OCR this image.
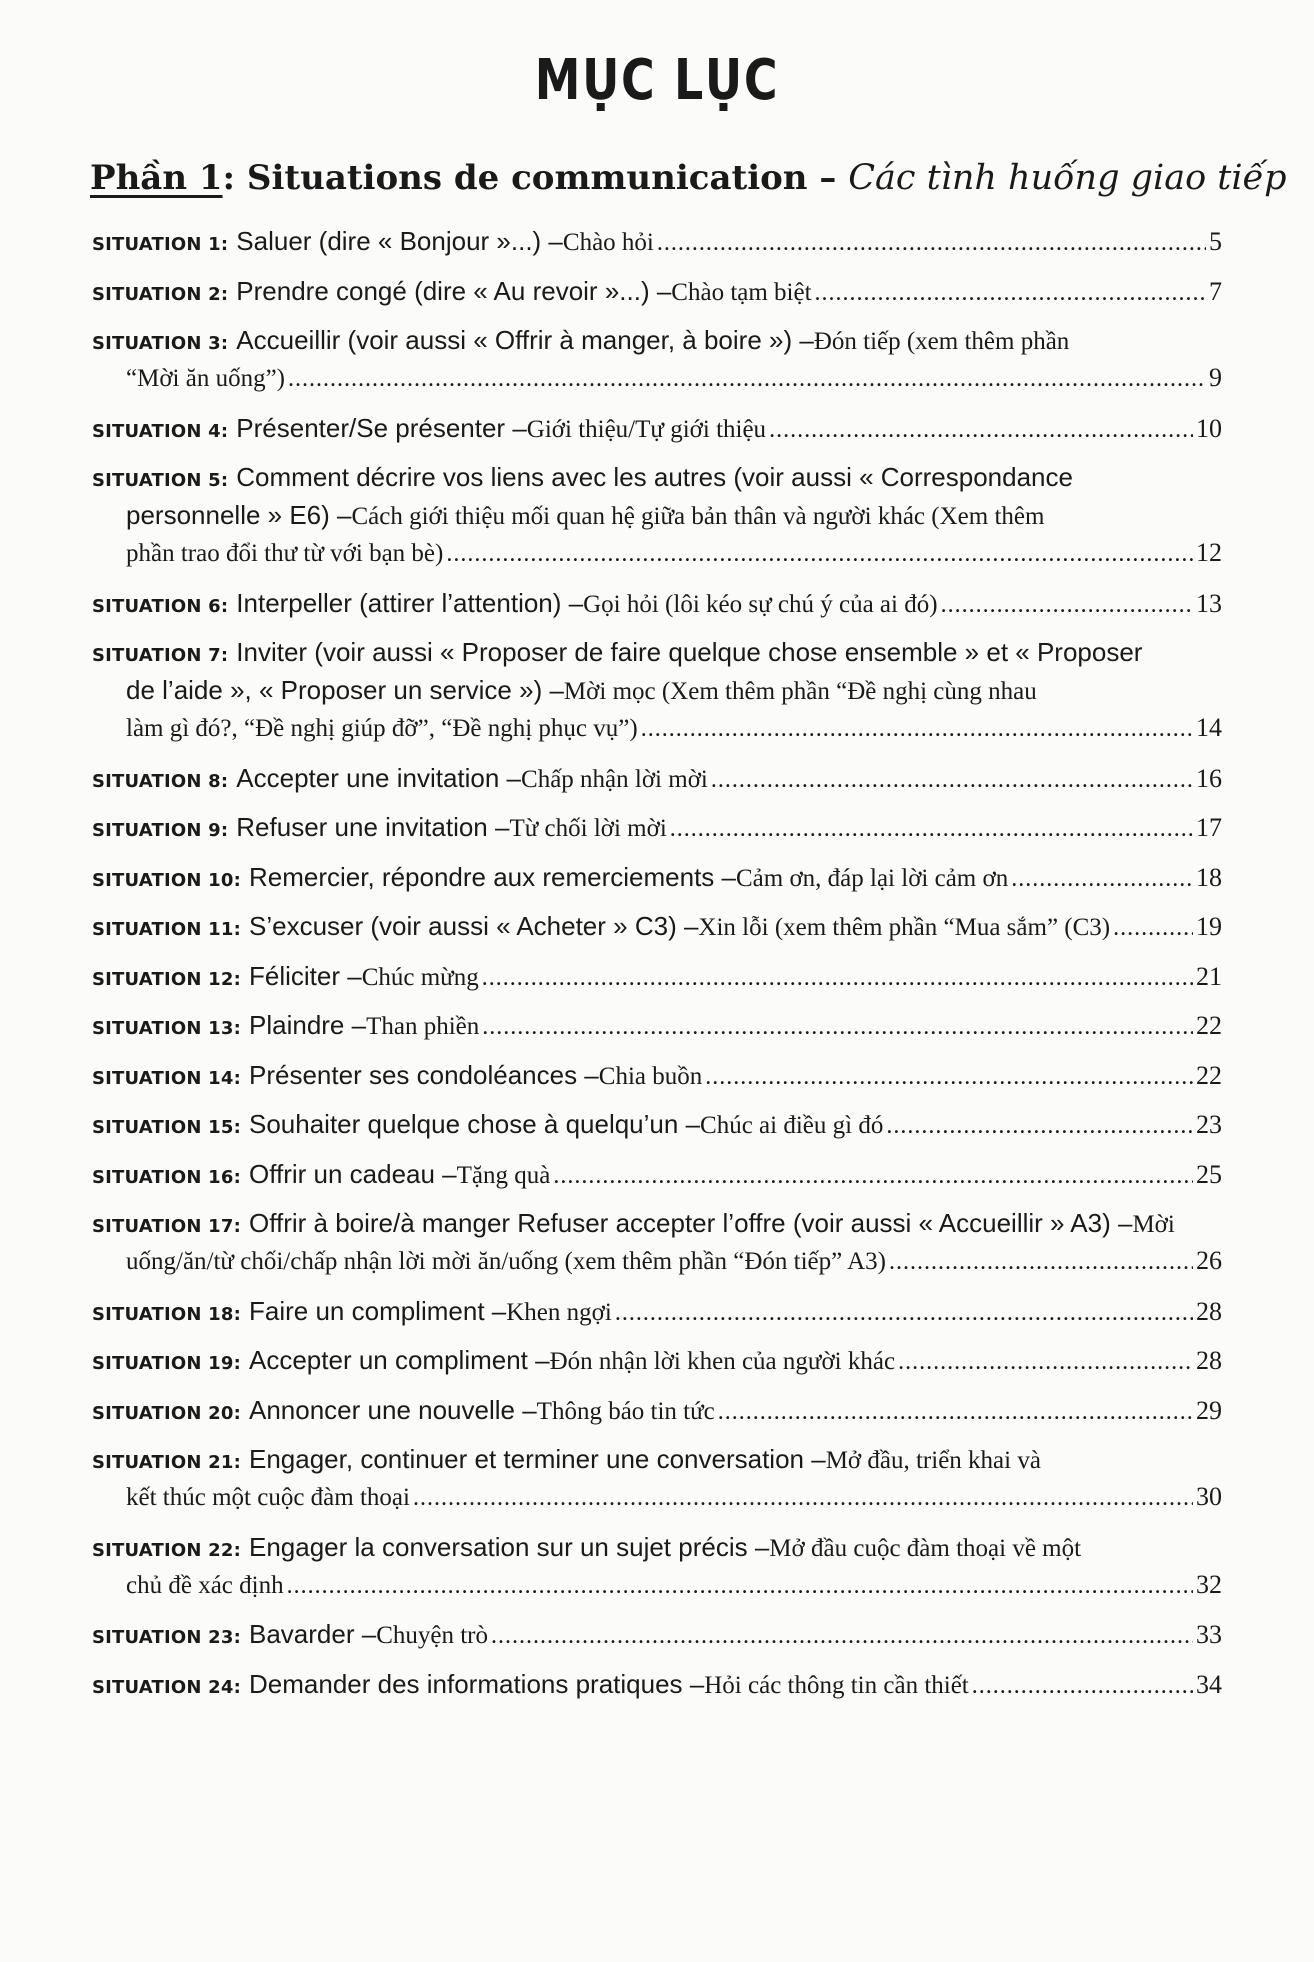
MỤC LỤC
Phần 1: Situations de communication – Các tình huống giao tiếp
SITUATION 1: Saluer (dire « Bonjour »...) – Chào hỏi .....	5
SITUATION 2: Prendre congé (dire « Au revoir »...) – Chào tạm biệt .....	7
SITUATION 3: Accueillir (voir aussi « Offrir à manger, à boire ») – Đón tiếp (xem thêm phần
“Mời ăn uống”) .....	9
SITUATION 4: Présenter/Se présenter – Giới thiệu/Tự giới thiệu .....	10
SITUATION 5: Comment décrire vos liens avec les autres (voir aussi « Correspondance
personnelle » E6) – Cách giới thiệu mối quan hệ giữa bản thân và người khác (Xem thêm
phần trao đổi thư từ với bạn bè) .....	12
SITUATION 6: Interpeller (attirer l’attention) – Gọi hỏi (lôi kéo sự chú ý của ai đó) .....	13
SITUATION 7: Inviter (voir aussi « Proposer de faire quelque chose ensemble » et « Proposer
de l’aide », « Proposer un service ») – Mời mọc (Xem thêm phần “Đề nghị cùng nhau
làm gì đó?, “Đề nghị giúp đỡ”, “Đề nghị phục vụ”) .....	14
SITUATION 8: Accepter une invitation – Chấp nhận lời mời .....	16
SITUATION 9: Refuser une invitation – Từ chối lời mời .....	17
SITUATION 10: Remercier, répondre aux remerciements – Cảm ơn, đáp lại lời cảm ơn .....	18
SITUATION 11: S’excuser (voir aussi « Acheter » C3) – Xin lỗi (xem thêm phần “Mua sắm” (C3) .....	19
SITUATION 12: Féliciter – Chúc mừng .....	21
SITUATION 13: Plaindre – Than phiền .....	22
SITUATION 14: Présenter ses condoléances – Chia buồn .....	22
SITUATION 15: Souhaiter quelque chose à quelqu’un – Chúc ai điều gì đó .....	23
SITUATION 16: Offrir un cadeau – Tặng quà .....	25
SITUATION 17: Offrir à boire/à manger Refuser accepter l’offre (voir aussi « Accueillir » A3) – Mời
uống/ăn/từ chối/chấp nhận lời mời ăn/uống (xem thêm phần “Đón tiếp” A3) .....	26
SITUATION 18: Faire un compliment – Khen ngợi .....	28
SITUATION 19: Accepter un compliment – Đón nhận lời khen của người khác .....	28
SITUATION 20: Annoncer une nouvelle – Thông báo tin tức .....	29
SITUATION 21: Engager, continuer et terminer une conversation – Mở đầu, triển khai và
kết thúc một cuộc đàm thoại .....	30
SITUATION 22: Engager la conversation sur un sujet précis – Mở đầu cuộc đàm thoại về một
chủ đề xác định .....	32
SITUATION 23: Bavarder – Chuyện trò .....	33
SITUATION 24: Demander des informations pratiques – Hỏi các thông tin cần thiết .....	34
